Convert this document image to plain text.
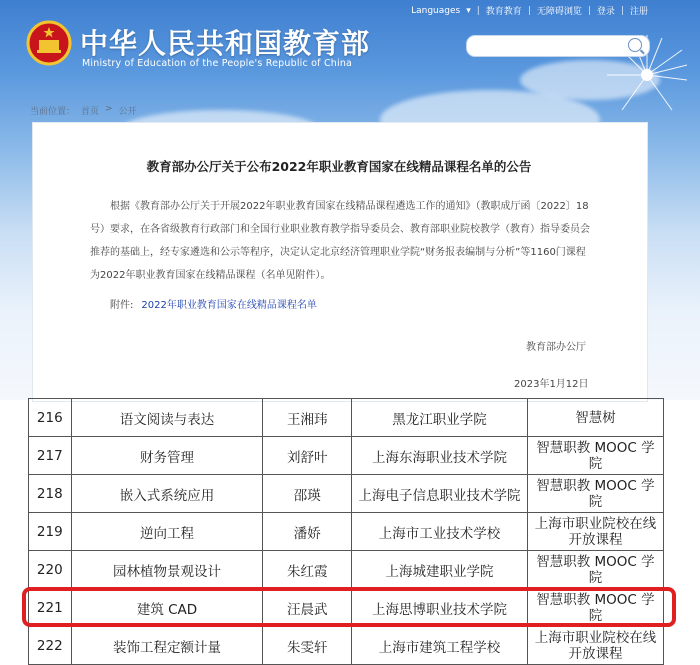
中华人民共和国教育部
Ministry of Education of the People's Republic of China
Languages ▾ | 教育教育 | 无障碍浏览 | 登录 | 注册
当前位置： 首页 > 公开
教育部办公厅关于公布2022年职业教育国家在线精品课程名单的公告
根据《教育部办公厅关于开展2022年职业教育国家在线精品课程遴选工作的通知》（教职成厅函〔2022〕18号）要求，在各省级教育行政部门和全国行业职业教育教学指导委员会、教育部职业院校教学（教育）指导委员会推荐的基础上，经专家遴选和公示等程序，决定认定北京经济管理职业学院“财务报表编制与分析”等1160门课程为2022年职业教育国家在线精品课程（名单见附件）。
附件: 2022年职业教育国家在线精品课程名单
教育部办公厅
2023年1月12日
216	语文阅读与表达	王湘玮	黑龙江职业学院	智慧树
217	财务管理	刘舒叶	上海东海职业技术学院	智慧职教 MOOC 学院
218	嵌入式系统应用	邵瑛	上海电子信息职业技术学院	智慧职教 MOOC 学院
219	逆向工程	潘娇	上海市工业技术学校	上海市职业院校在线开放课程

220	园林植物景观设计	朱红霞	上海城建职业学院	智慧职教 MOOC 学院
221	建筑 CAD	汪晨武	上海思博职业技术学院	智慧职教 MOOC 学院
222	装饰工程定额计量	朱雯轩	上海市建筑工程学校	上海市职业院校在线开放课程
